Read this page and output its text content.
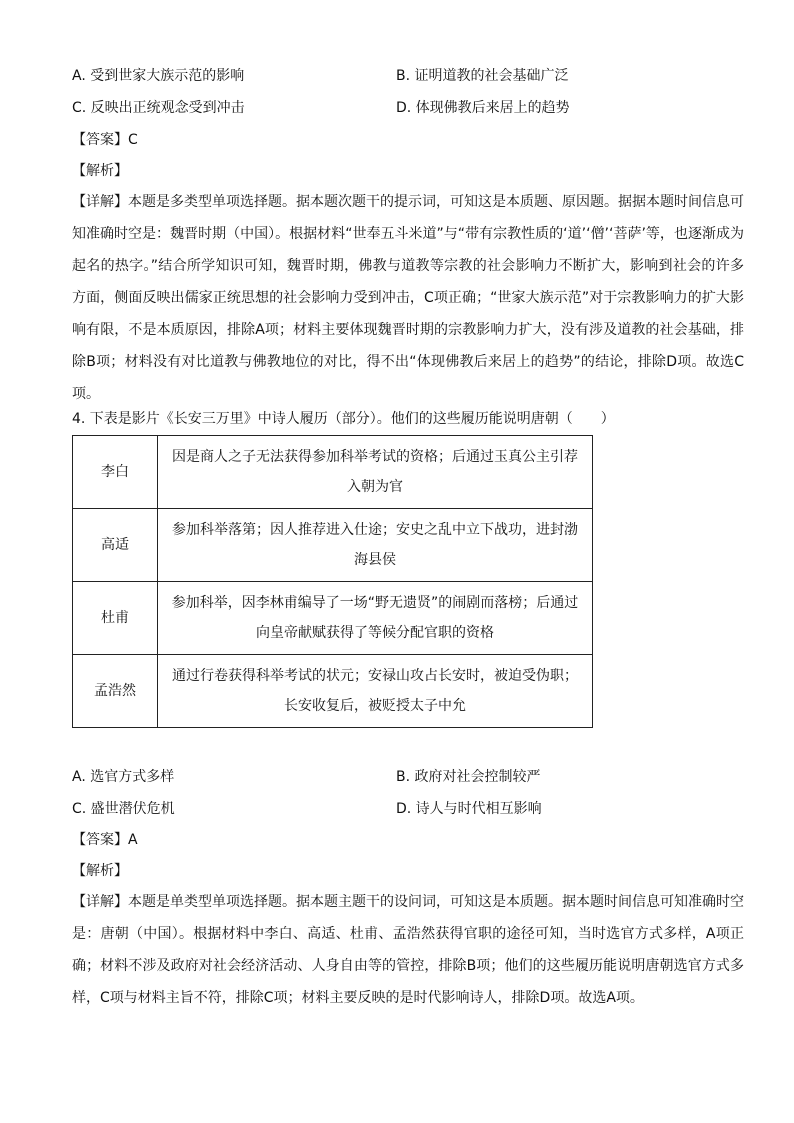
A. 受到世家大族示范的影响	B. 证明道教的社会基础广泛
C. 反映出正统观念受到冲击	D. 体现佛教后来居上的趋势
【答案】C
【解析】
【详解】本题是多类型单项选择题。据本题次题干的提示词，可知这是本质题、原因题。据据本题时间信息可知准确时空是：魏晋时期（中国）。根据材料“世奉五斗米道”与“带有宗教性质的‘道’‘僧’‘菩萨’等，也逐渐成为起名的热字。”结合所学知识可知，魏晋时期，佛教与道教等宗教的社会影响力不断扩大，影响到社会的许多方面，侧面反映出儒家正统思想的社会影响力受到冲击，C项正确；“世家大族示范”对于宗教影响力的扩大影响有限，不是本质原因，排除A项；材料主要体现魏晋时期的宗教影响力扩大，没有涉及道教的社会基础，排除B项；材料没有对比道教与佛教地位的对比，得不出“体现佛教后来居上的趋势”的结论，排除D项。故选C项。
4. 下表是影片《长安三万里》中诗人履历（部分）。他们的这些履历能说明唐朝（　　）
李白	因是商人之子无法获得参加科举考试的资格；后通过玉真公主引荐入朝为官
高适	参加科举落第；因人推荐进入仕途；安史之乱中立下战功，进封渤海县侯
杜甫	参加科举，因李林甫编导了一场“野无遗贤”的闹剧而落榜；后通过向皇帝献赋获得了等候分配官职的资格
孟浩然	通过行卷获得科举考试的状元；安禄山攻占长安时，被迫受伪职；长安收复后，被贬授太子中允
A. 选官方式多样	B. 政府对社会控制较严
C. 盛世潜伏危机	D. 诗人与时代相互影响
【答案】A
【解析】
【详解】本题是单类型单项选择题。据本题主题干的设问词，可知这是本质题。据本题时间信息可知准确时空是：唐朝（中国）。根据材料中李白、高适、杜甫、孟浩然获得官职的途径可知，当时选官方式多样，A项正确；材料不涉及政府对社会经济活动、人身自由等的管控，排除B项；他们的这些履历能说明唐朝选官方式多样，C项与材料主旨不符，排除C项；材料主要反映的是时代影响诗人，排除D项。故选A项。
